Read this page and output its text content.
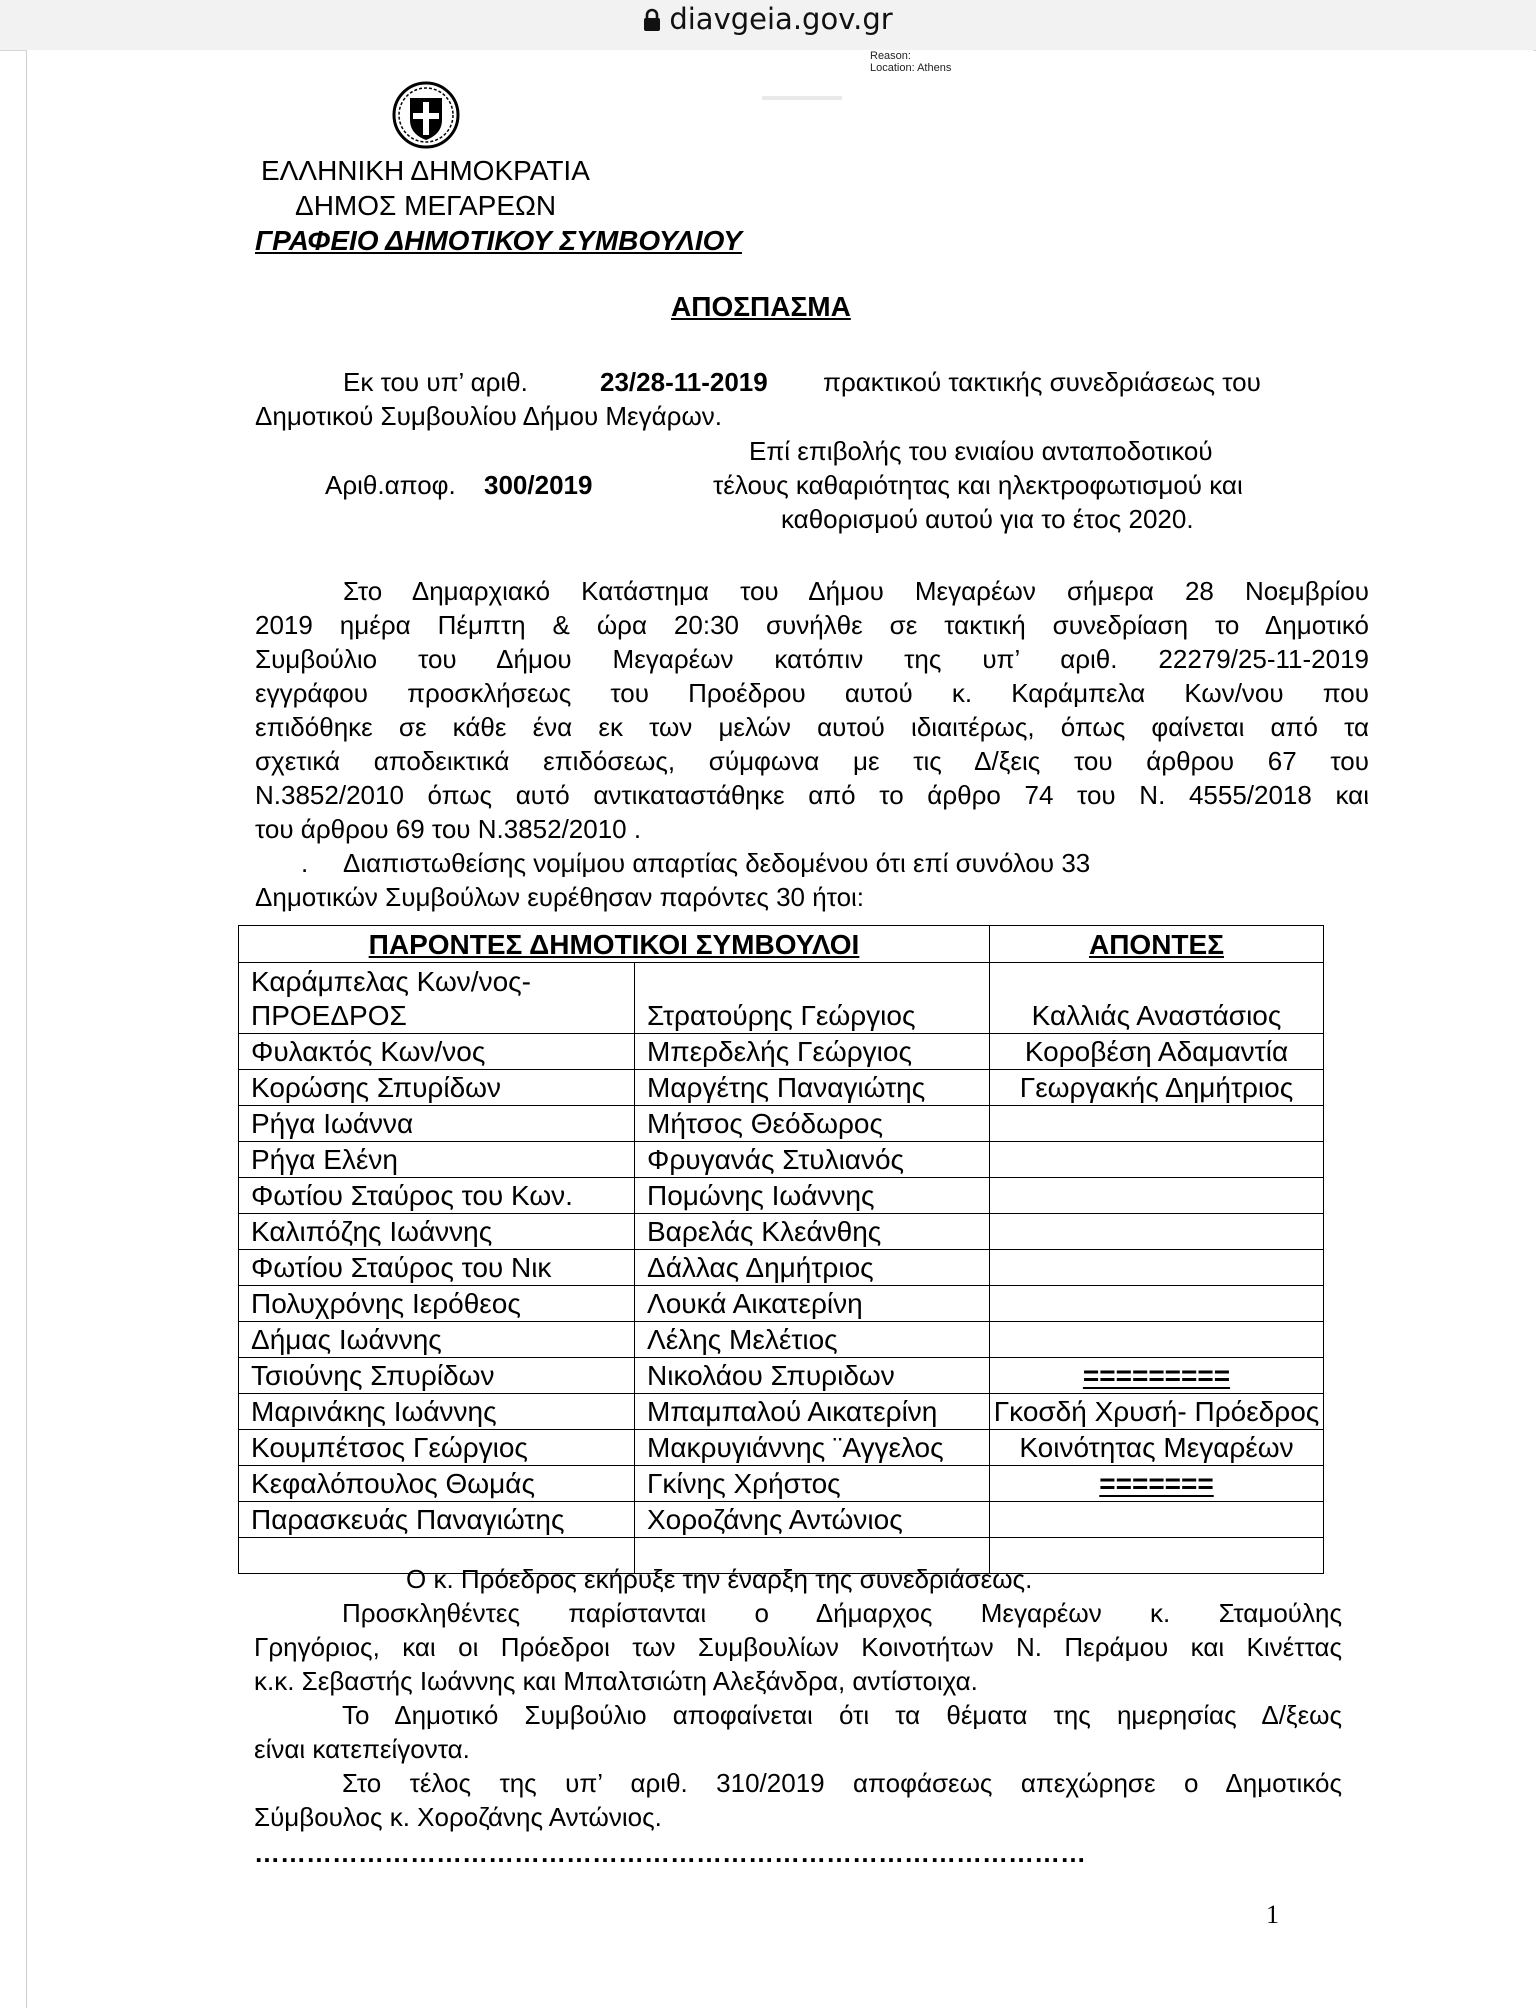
diavgeia.gov.gr
Reason:
Location: Athens
ΕΛΛΗΝΙΚΗ ΔΗΜΟΚΡΑΤΙΑ
ΔΗΜΟΣ ΜΕΓΑΡΕΩΝ
ΓΡΑΦΕΙΟ ΔΗΜΟΤΙΚΟΥ ΣΥΜΒΟΥΛΙΟΥ
ΑΠΟΣΠΑΣΜΑ
Εκ του υπ’ αριθ.	23/28-11-2019 πρακτικού τακτικής συνεδριάσεως του
Δημοτικού Συμβουλίου Δήμου Μεγάρων.
Επί επιβολής του ενιαίου ανταποδοτικού
Αριθ.αποφ. 300/2019	τέλους καθαριότητας και ηλεκτροφωτισμού και
καθορισμού αυτού για το έτος 2020.
Στο Δημαρχιακό Κατάστημα του Δήμου Μεγαρέων σήμερα 28 Νοεμβρίου
2019 ημέρα Πέμπτη & ώρα 20:30 συνήλθε σε τακτική συνεδρίαση το Δημοτικό
Συμβούλιο του Δήμου Μεγαρέων κατόπιν της υπ’ αριθ. 22279/25-11-2019
εγγράφου προσκλήσεως του Προέδρου αυτού κ. Καράμπελα Κων/νου που
επιδόθηκε σε κάθε ένα εκ των μελών αυτού ιδιαιτέρως, όπως φαίνεται από τα
σχετικά αποδεικτικά επιδόσεως, σύμφωνα με τις Δ/ξεις του άρθρου 67 του
Ν.3852/2010 όπως αυτό αντικαταστάθηκε από το άρθρο 74 του Ν. 4555/2018 και
του άρθρου 69 του Ν.3852/2010 .
. Διαπιστωθείσης νομίμου απαρτίας δεδομένου ότι επί συνόλου 33
Δημοτικών Συμβούλων ευρέθησαν παρόντες 30 ήτοι:
ΠΑΡΟΝΤΕΣ ΔΗΜΟΤΙΚΟΙ ΣΥΜΒΟΥΛΟΙ		ΑΠΟΝΤΕΣ

Καράμπελας Κων/νος-
ΠΡΟΕΔΡΟΣ	Στρατούρης Γεώργιος	Καλλιάς Αναστάσιος
Φυλακτός Κων/νος	Μπερδελής Γεώργιος	Κοροβέση Αδαμαντία
Κορώσης Σπυρίδων	Μαργέτης Παναγιώτης	Γεωργακής Δημήτριος
Ρήγα Ιωάννα	Μήτσος Θεόδωρος	
Ρήγα Ελένη	Φρυγανάς Στυλιανός	
Φωτίου Σταύρος του Κων.	Πομώνης Ιωάννης	
Καλιπόζης Ιωάννης	Βαρελάς Κλεάνθης	
Φωτίου Σταύρος του Νικ	Δάλλας Δημήτριος	
Πολυχρόνης Ιερόθεος	Λουκά Αικατερίνη	
Δήμας Ιωάννης	Λέλης Μελέτιος	
Τσιούνης Σπυρίδων	Νικολάου Σπυριδων	=========
Μαρινάκης Ιωάννης	Μπαμπαλού Αικατερίνη	Γκοσδή Χρυσή- Πρόεδρος
Κουμπέτσος Γεώργιος	Μακρυγιάννης ¨Αγγελος	Κοινότητας Μεγαρέων
Κεφαλόπουλος Θωμάς	Γκίνης Χρήστος	=======
Παρασκευάς Παναγιώτης	Χοροζάνης Αντώνιος	

Ο κ. Πρόεδρος εκήρυξε την έναρξη της συνεδριάσεως.
Προσκληθέντες παρίστανται ο Δήμαρχος Μεγαρέων κ. Σταμούλης
Γρηγόριος, και οι Πρόεδροι των Συμβουλίων Κοινοτήτων Ν. Περάμου και Κινέττας
κ.κ. Σεβαστής Ιωάννης και Μπαλτσιώτη Αλεξάνδρα, αντίστοιχα.
Το Δημοτικό Συμβούλιο αποφαίνεται ότι τα θέματα της ημερησίας Δ/ξεως
είναι κατεπείγοντα.
Στο τέλος της υπ’ αριθ. 310/2019 αποφάσεως απεχώρησε ο Δημοτικός
Σύμβουλος κ. Χοροζάνης Αντώνιος.
……………………………………………………………………………………
1
